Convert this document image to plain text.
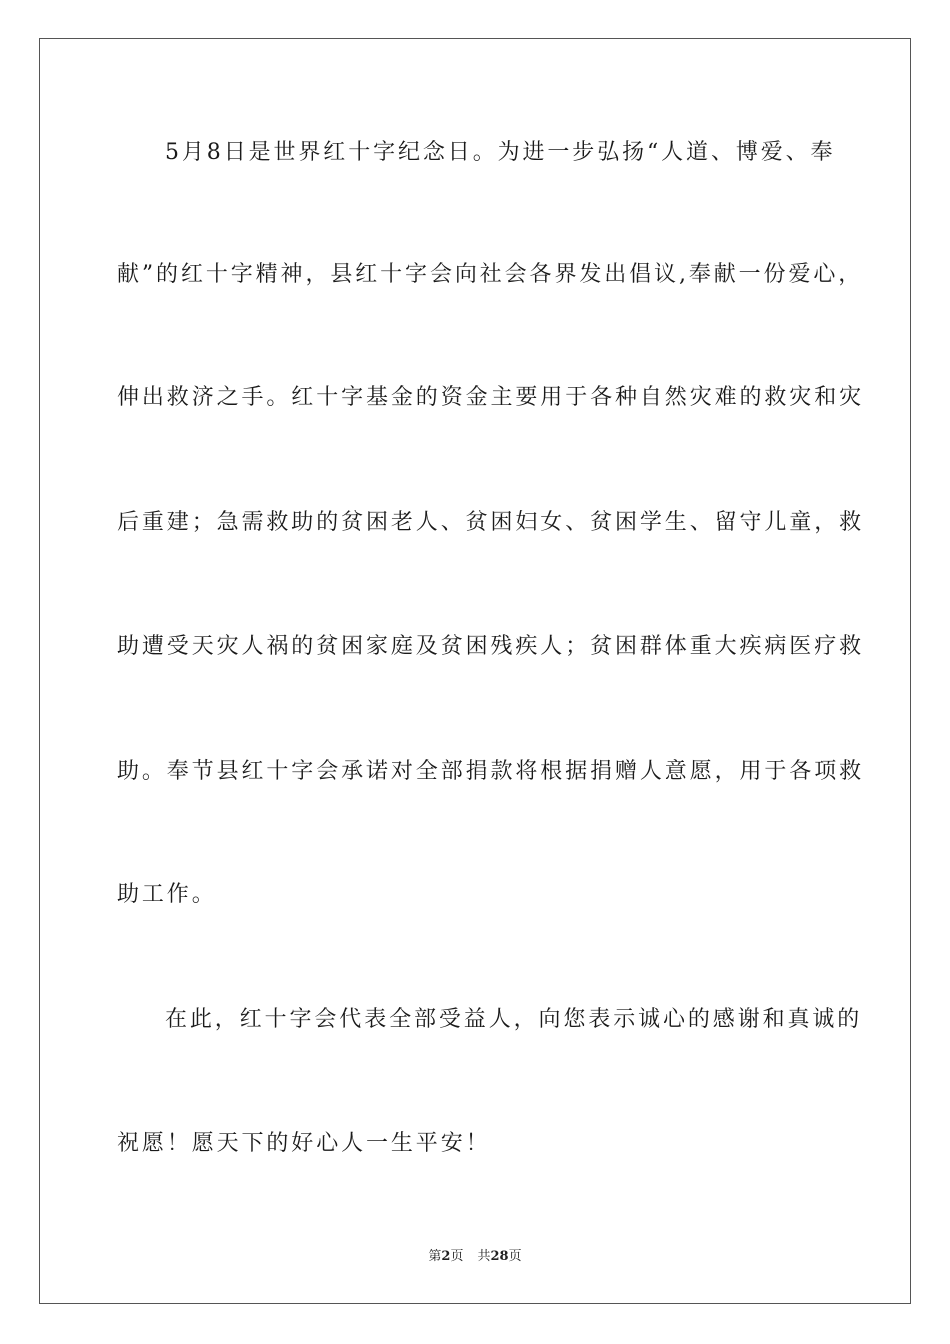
5月8日是世界红十字纪念日。为进一步弘扬“人道、博爱、奉
献”的红十字精神，县红十字会向社会各界发出倡议,奉献一份爱心，
伸出救济之手。红十字基金的资金主要用于各种自然灾难的救灾和灾
后重建；急需救助的贫困老人、贫困妇女、贫困学生、留守儿童，救
助遭受天灾人祸的贫困家庭及贫困残疾人；贫困群体重大疾病医疗救
助。奉节县红十字会承诺对全部捐款将根据捐赠人意愿，用于各项救
助工作。
在此，红十字会代表全部受益人，向您表示诚心的感谢和真诚的
祝愿！愿天下的好心人一生平安！
第2页 共28页
